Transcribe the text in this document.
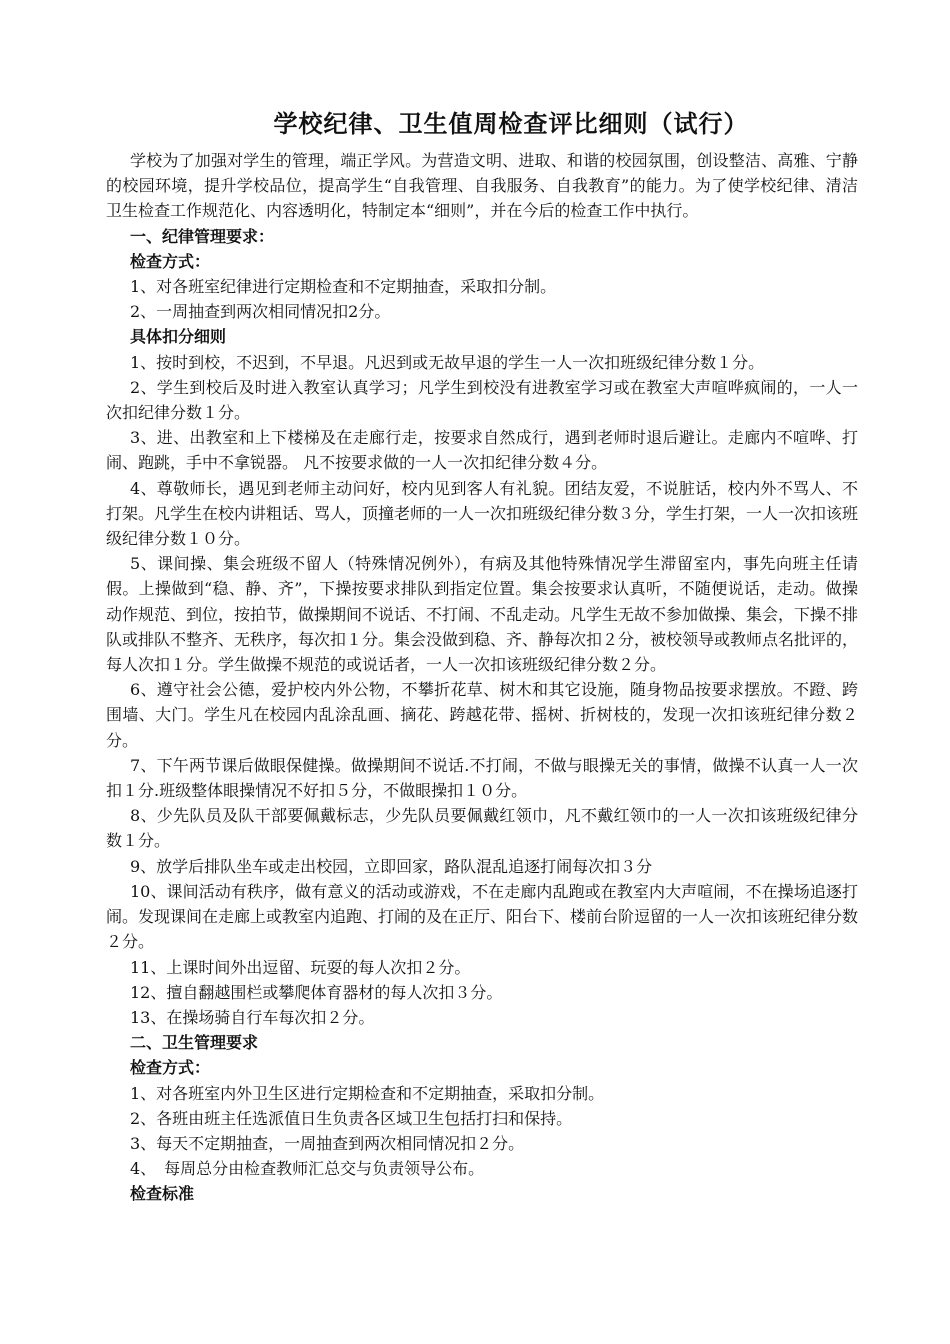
学校纪律、卫生值周检查评比细则（试行）

学校为了加强对学生的管理，端正学风。为营造文明、进取、和谐的校园氛围，创设整洁、高雅、宁静的校园环境，提升学校品位，提高学生“自我管理、自我服务、自我教育”的能力。为了使学校纪律、清洁卫生检查工作规范化、内容透明化，特制定本“细则”，并在今后的检查工作中执行。

一、纪律管理要求：

检查方式：

1、对各班室纪律进行定期检查和不定期抽查，采取扣分制。

2、一周抽查到两次相同情况扣2分。

具体扣分细则

1、按时到校，不迟到，不早退。凡迟到或无故早退的学生一人一次扣班级纪律分数１分。

2、学生到校后及时进入教室认真学习；凡学生到校没有进教室学习或在教室大声喧哗疯闹的，一人一次扣纪律分数１分。

3、进、出教室和上下楼梯及在走廊行走，按要求自然成行，遇到老师时退后避让。走廊内不喧哗、打闹、跑跳，手中不拿锐器。 凡不按要求做的一人一次扣纪律分数４分。

4、尊敬师长，遇见到老师主动问好，校内见到客人有礼貌。团结友爱，不说脏话，校内外不骂人、不打架。凡学生在校内讲粗话、骂人，顶撞老师的一人一次扣班级纪律分数３分，学生打架，一人一次扣该班级纪律分数１０分。

5、课间操、集会班级不留人（特殊情况例外），有病及其他特殊情况学生滞留室内，事先向班主任请假。上操做到“稳、静、齐”，下操按要求排队到指定位置。集会按要求认真听，不随便说话，走动。做操动作规范、到位，按拍节，做操期间不说话、不打闹、不乱走动。凡学生无故不参加做操、集会，下操不排队或排队不整齐、无秩序，每次扣１分。集会没做到稳、齐、静每次扣２分，被校领导或教师点名批评的，每人次扣１分。学生做操不规范的或说话者，一人一次扣该班级纪律分数２分。

6、遵守社会公德，爱护校内外公物，不攀折花草、树木和其它设施，随身物品按要求摆放。不蹬、跨围墙、大门。学生凡在校园内乱涂乱画、摘花、跨越花带、摇树、折树枝的，发现一次扣该班纪律分数２分。

7、下午两节课后做眼保健操。做操期间不说话.不打闹，不做与眼操无关的事情，做操不认真一人一次扣１分.班级整体眼操情况不好扣５分，不做眼操扣１０分。

8、少先队员及队干部要佩戴标志，少先队员要佩戴红领巾，凡不戴红领巾的一人一次扣该班级纪律分数１分。

9、放学后排队坐车或走出校园，立即回家，路队混乱追逐打闹每次扣３分

10、课间活动有秩序，做有意义的活动或游戏，不在走廊内乱跑或在教室内大声喧闹，不在操场追逐打闹。发现课间在走廊上或教室内追跑、打闹的及在正厅、阳台下、楼前台阶逗留的一人一次扣该班纪律分数２分。

11、上课时间外出逗留、玩耍的每人次扣２分。

12、擅自翻越围栏或攀爬体育器材的每人次扣３分。

13、在操场骑自行车每次扣２分。

二、卫生管理要求

检查方式：

1、对各班室内外卫生区进行定期检查和不定期抽查，采取扣分制。

2、各班由班主任选派值日生负责各区域卫生包括打扫和保持。

3、每天不定期抽查，一周抽查到两次相同情况扣２分。

4、　每周总分由检查教师汇总交与负责领导公布。

检查标准
